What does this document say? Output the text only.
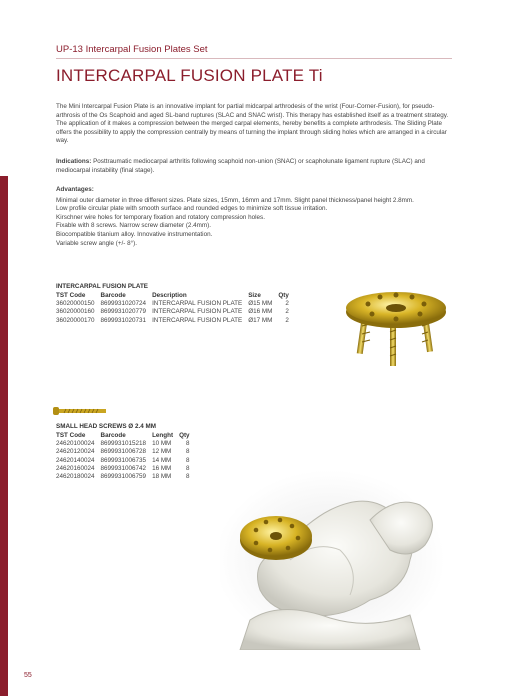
UP-13 Intercarpal Fusion Plates Set
INTERCARPAL FUSION PLATE Ti
The Mini Intercarpal Fusion Plate is an innovative implant for partial midcarpal arthrodesis of the wrist (Four-Corner-Fusion), for pseudo-arthrosis of the Os Scaphoid and aged SL-band ruptures (SLAC and SNAC wrist). This therapy has established itself as a treatment strategy. The application of it makes a compression between the merged carpal elements, hereby benefits a complete arthrodesis. The Sliding Plate offers the possibility to apply the compression centrally by means of turning the implant through sliding holes which are arranged in a circular way.
Indications: Posttraumatic mediocarpal arthritis following scaphoid non-union (SNAC) or scapholunate ligament rupture (SLAC) and mediocarpal instability (final stage).
Advantages:
Minimal outer diameter in three different sizes. Plate sizes, 15mm, 16mm and 17mm. Slight panel thickness/panel height 2.8mm.
Low profile circular plate with smooth surface and rounded edges to minimize soft tissue irritation.
Kirschner wire holes for temporary fixation and rotatory compression holes.
Fixable with 8 screws. Narrow screw diameter (2.4mm).
Biocompatible titanium alloy. Innovative instrumentation.
Variable screw angle (+/- 8°).
INTERCARPAL FUSION PLATE
TST Code	Barcode	Description	Size	Qty
36020000150	8699931020724	INTERCARPAL FUSION PLATE	Ø15 MM	2
36020000160	8699931020779	INTERCARPAL FUSION PLATE	Ø16 MM	2
36020000170	8699931020731	INTERCARPAL FUSION PLATE	Ø17 MM	2
SMALL HEAD SCREWS Ø 2.4 MM
TST Code	Barcode	Lenght	Qty
24620100024	8699931015218	10 MM	8
24620120024	8699931006728	12 MM	8
24620140024	8699931006735	14 MM	8
24620160024	8699931006742	16 MM	8
24620180024	8699931006759	18 MM	8
55
